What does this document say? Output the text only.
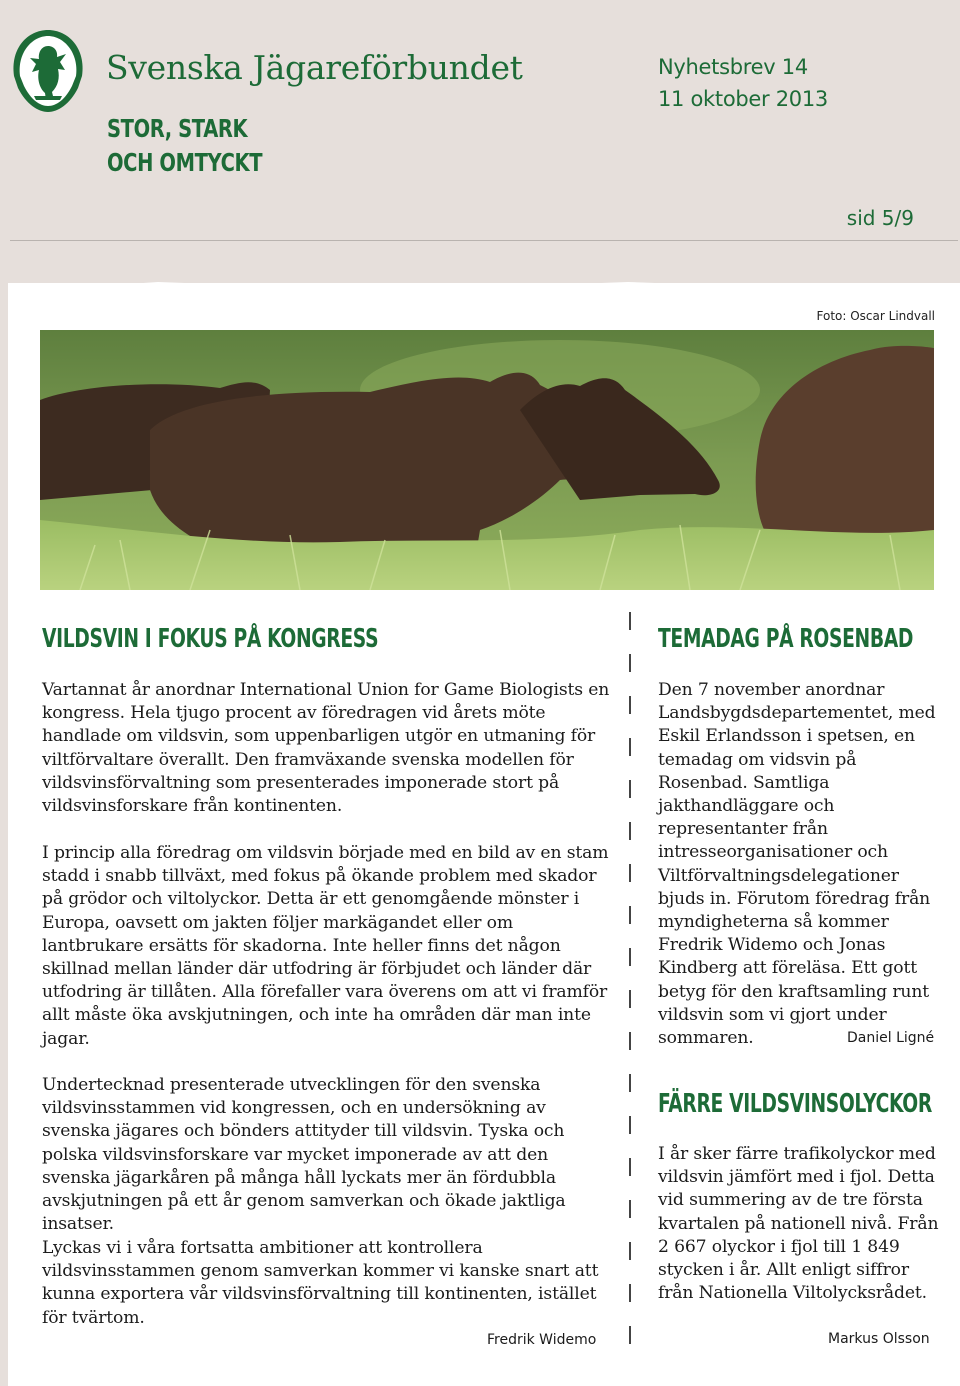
Svenska Jägareförbundet
STOR, STARK
OCH OMTYCKT
Nyhetsbrev 14
11 oktober 2013
sid 5/9
Foto: Oscar Lindvall
VILDSVIN I FOKUS PÅ KONGRESS
Vartannat år anordnar International Union for Game Biologists en kongress. Hela tjugo procent av föredragen vid årets möte handlade om vildsvin, som uppenbarligen utgör en utmaning för viltförvaltare överallt. Den framväxande svenska modellen för vildsvinsförvaltning som presenterades imponerade stort på vildsvinsforskare från kontinenten.
I princip alla föredrag om vildsvin började med en bild av en stam stadd i snabb tillväxt, med fokus på ökande problem med skador på grödor och viltolyckor. Detta är ett genomgående mönster i Europa, oavsett om jakten följer markägandet eller om lantbrukare ersätts för skadorna. Inte heller finns det någon skillnad mellan länder där utfodring är förbjudet och länder där utfodring är tillåten. Alla förefaller vara överens om att vi framför allt måste öka avskjutningen, och inte ha områden där man inte jagar.
Undertecknad presenterade utvecklingen för den svenska vildsvinsstammen vid kongressen, och en undersökning av svenska jägares och bönders attityder till vildsvin. Tyska och polska vildsvinsforskare var mycket imponerade av att den svenska jägarkåren på många håll lyckats mer än fördubbla avskjutningen på ett år genom samverkan och ökade jaktliga insatser.
Lyckas vi i våra fortsatta ambitioner att kontrollera vildsvinsstammen genom samverkan kommer vi kanske snart att kunna exportera vår vildsvinsförvaltning till kontinenten, istället för tvärtom.
Fredrik Widemo
TEMADAG PÅ ROSENBAD
Den 7 november anordnar Landsbygdsdepartementet, med Eskil Erlandsson i spetsen, en temadag om vidsvin på Rosenbad. Samtliga jakthandläggare och representanter från intresseorganisationer och Viltförvaltningsdelegationer bjuds in. Förutom föredrag från myndigheterna så kommer Fredrik Widemo och Jonas Kindberg att föreläsa. Ett gott betyg för den kraftsamling runt vildsvin som vi gjort under sommaren.	Daniel Ligné
FÄRRE VILDSVINSOLYCKOR
I år sker färre trafikolyckor med vildsvin jämfört med i fjol. Detta vid summering av de tre första kvartalen på nationell nivå. Från 2 667 olyckor i fjol till 1 849 stycken i år. Allt enligt siffror från Nationella Viltolycksrådet.
Markus Olsson
